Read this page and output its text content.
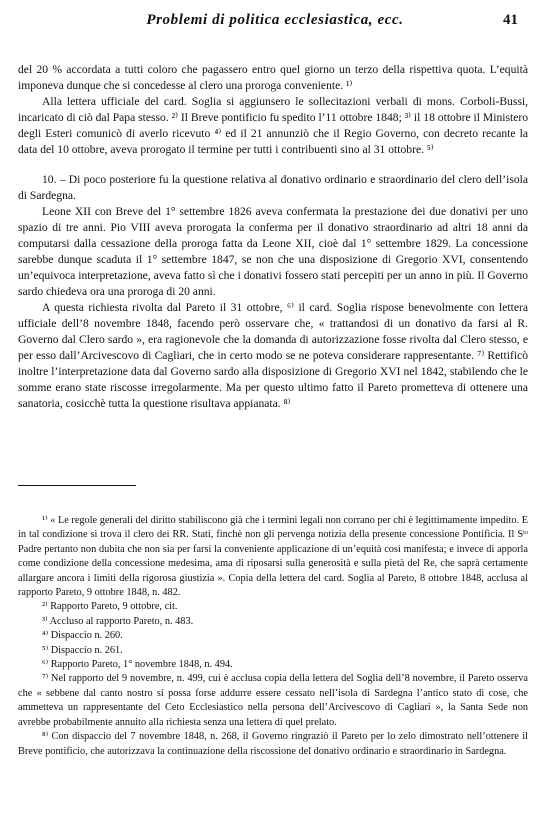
Problemi di politica ecclesiastica, ecc.	41

del 20 % accordata a tutti coloro che pagassero entro quel giorno un terzo della rispettiva quota. L’equità imponeva dunque che si concedesse al clero una proroga conveniente. ¹⁾

Alla lettera ufficiale del card. Soglia si aggiunsero le sollecitazioni verbali di mons. Corboli-Bussi, incaricato di ciò dal Papa stesso. ²⁾ Il Breve pontificio fu spedito l’11 ottobre 1848; ³⁾ il 18 ottobre il Ministero degli Esteri comunicò di averlo ricevuto ⁴⁾ ed il 21 annunziò che il Regio Governo, con decreto recante la data del 10 ottobre, aveva prorogato il termine per tutti i contribuenti sino al 31 ottobre. ⁵⁾

10. – Di poco posteriore fu la questione relativa al donativo ordinario e straordinario del clero dell’isola di Sardegna.

Leone XII con Breve del 1° settembre 1826 aveva confermata la prestazione dei due donativi per uno spazio di tre anni. Pio VIII aveva prorogata la conferma per il donativo straordinario ad altri 18 anni da computarsi dalla cessazione della proroga fatta da Leone XII, cioè dal 1° settembre 1829. La concessione sarebbe dunque scaduta il 1° settembre 1847, se non che una disposizione di Gregorio XVI, consentendo un’equivoca interpretazione, aveva fatto sì che i donativi fossero stati percepiti per un anno in più. Il Governo sardo chiedeva ora una proroga di 20 anni.

A questa richiesta rivolta dal Pareto il 31 ottobre, ⁶⁾ il card. Soglia rispose benevolmente con lettera ufficiale dell’8 novembre 1848, facendo però osservare che, « trattandosi di un donativo da farsi al R. Governo dal Clero sardo », era ragionevole che la domanda di autorizzazione fosse rivolta dal Clero stesso, e per esso dall’Arcivescovo di Cagliari, che in certo modo se ne poteva considerare rappresentante. ⁷⁾ Rettificò inoltre l’interpretazione data dal Governo sardo alla disposizione di Gregorio XVI nel 1842, stabilendo che le somme erano state riscosse irregolarmente. Ma per questo ultimo fatto il Pareto prometteva di ottenere una sanatoria, cosicchè tutta la questione risultava appianata. ⁸⁾

¹⁾ « Le regole generali del diritto stabiliscono già che i termini legali non corrano per chi è legittimamente impedito. E in tal condizione si trova il clero dei RR. Stati, finchè non gli pervenga notizia della presente concessione Pontificia. Il Sᵗᵒ Padre pertanto non dubita che non sia per farsi la conveniente applicazione di un’equità così manifesta; e invece di apporla come condizione della concessione medesima, ama di riposarsi sulla generosità e sulla pietà del Re, che saprà certamente allargare ancora i limiti della rigorosa giustizia ». Copia della lettera del card. Soglia al Pareto, 8 ottobre 1848, acclusa al rapporto Pareto, 9 ottobre 1848, n. 482.

²⁾ Rapporto Pareto, 9 ottobre, cit.

³⁾ Accluso al rapporto Pareto, n. 483.

⁴⁾ Dispaccio n. 260.

⁵⁾ Dispaccio n. 261.

⁶⁾ Rapporto Pareto, 1° novembre 1848, n. 494.

⁷⁾ Nel rapporto del 9 novembre, n. 499, cui è acclusa copia della lettera del Soglia dell’8 novembre, il Pareto osserva che « sebbene dal canto nostro si possa forse addurre essere cessato nell’isola di Sardegna l’antico stato di cose, che ammetteva un rappresentante del Ceto Ecclesiastico nella persona dell’Arcivescovo di Cagliari », la Santa Sede non avrebbe probabilmente annuito alla richiesta senza una lettera di quel prelato.

⁸⁾ Con dispaccio del 7 novembre 1848, n. 268, il Governo ringraziò il Pareto per lo zelo dimostrato nell’ottenere il Breve pontificio, che autorizzava la continuazione della riscossione del donativo ordinario e straordinario in Sardegna.
